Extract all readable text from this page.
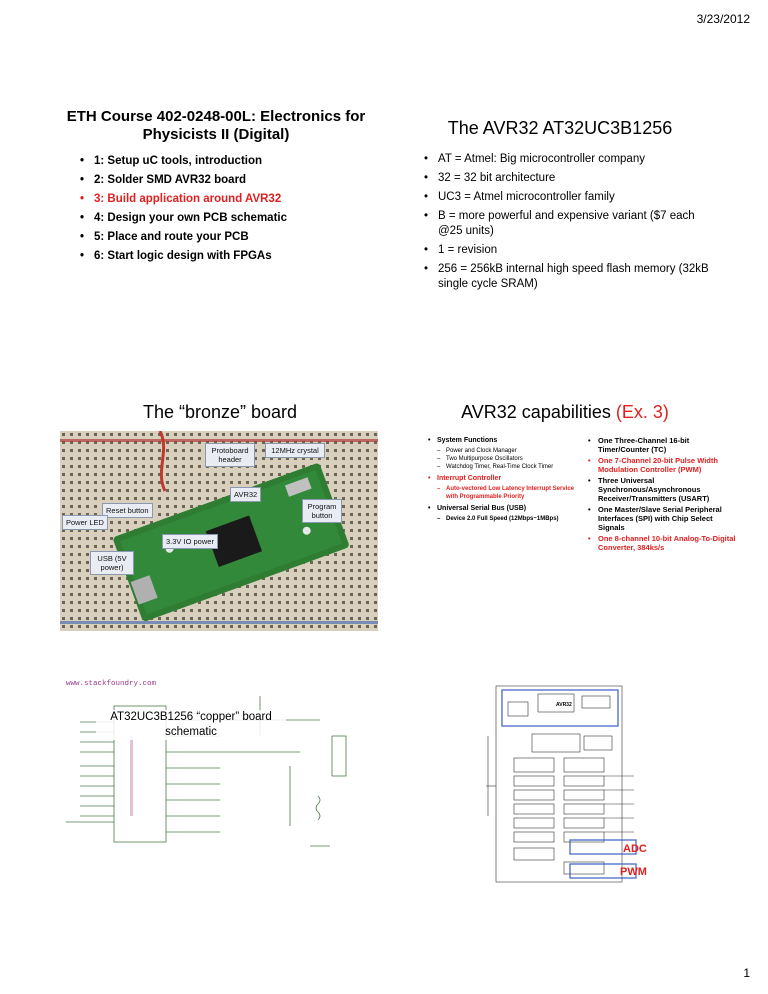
3/23/2012
ETH Course 402-0248-00L: Electronics for Physicists II (Digital)
• 1: Setup uC tools, introduction
• 2: Solder SMD AVR32 board
• 3: Build application around AVR32
• 4: Design your own PCB schematic
• 5: Place and route your PCB
• 6: Start logic design with FPGAs
The AVR32 AT32UC3B1256
• AT = Atmel: Big microcontroller company
• 32 = 32 bit architecture
• UC3 = Atmel microcontroller family
• B = more powerful and expensive variant ($7 each @25 units)
• 1 = revision
• 256 = 256kB internal high speed flash memory (32kB single cycle SRAM)
The “bronze” board
Protoboard header
12MHz crystal
AVR32
Program button
Reset button
Power LED
3.3V IO power
USB (5V power)
AVR32 capabilities (Ex. 3)
• System Functions
– Power and Clock Manager
– Two Multipurpose Oscillators
– Watchdog Timer, Real-Time Clock Timer
• Interrupt Controller
– Auto-vectored Low Latency Interrupt Service with Programmable Priority
• Universal Serial Bus (USB)
– Device 2.0 Full Speed (12Mbps~1MBps)
• One Three-Channel 16-bit Timer/Counter (TC)
• One 7-Channel 20-bit Pulse Width Modulation Controller (PWM)
• Three Universal Synchronous/Asynchronous Receiver/Transmitters (USART)
• One Master/Slave Serial Peripheral Interfaces (SPI) with Chip Select Signals
• One 8-channel 10-bit Analog-To-Digital Converter, 384ks/s
www.stackfoundry.com
AT32UC3B1256 “copper” board schematic
AVR32
ADC
PWM
1
